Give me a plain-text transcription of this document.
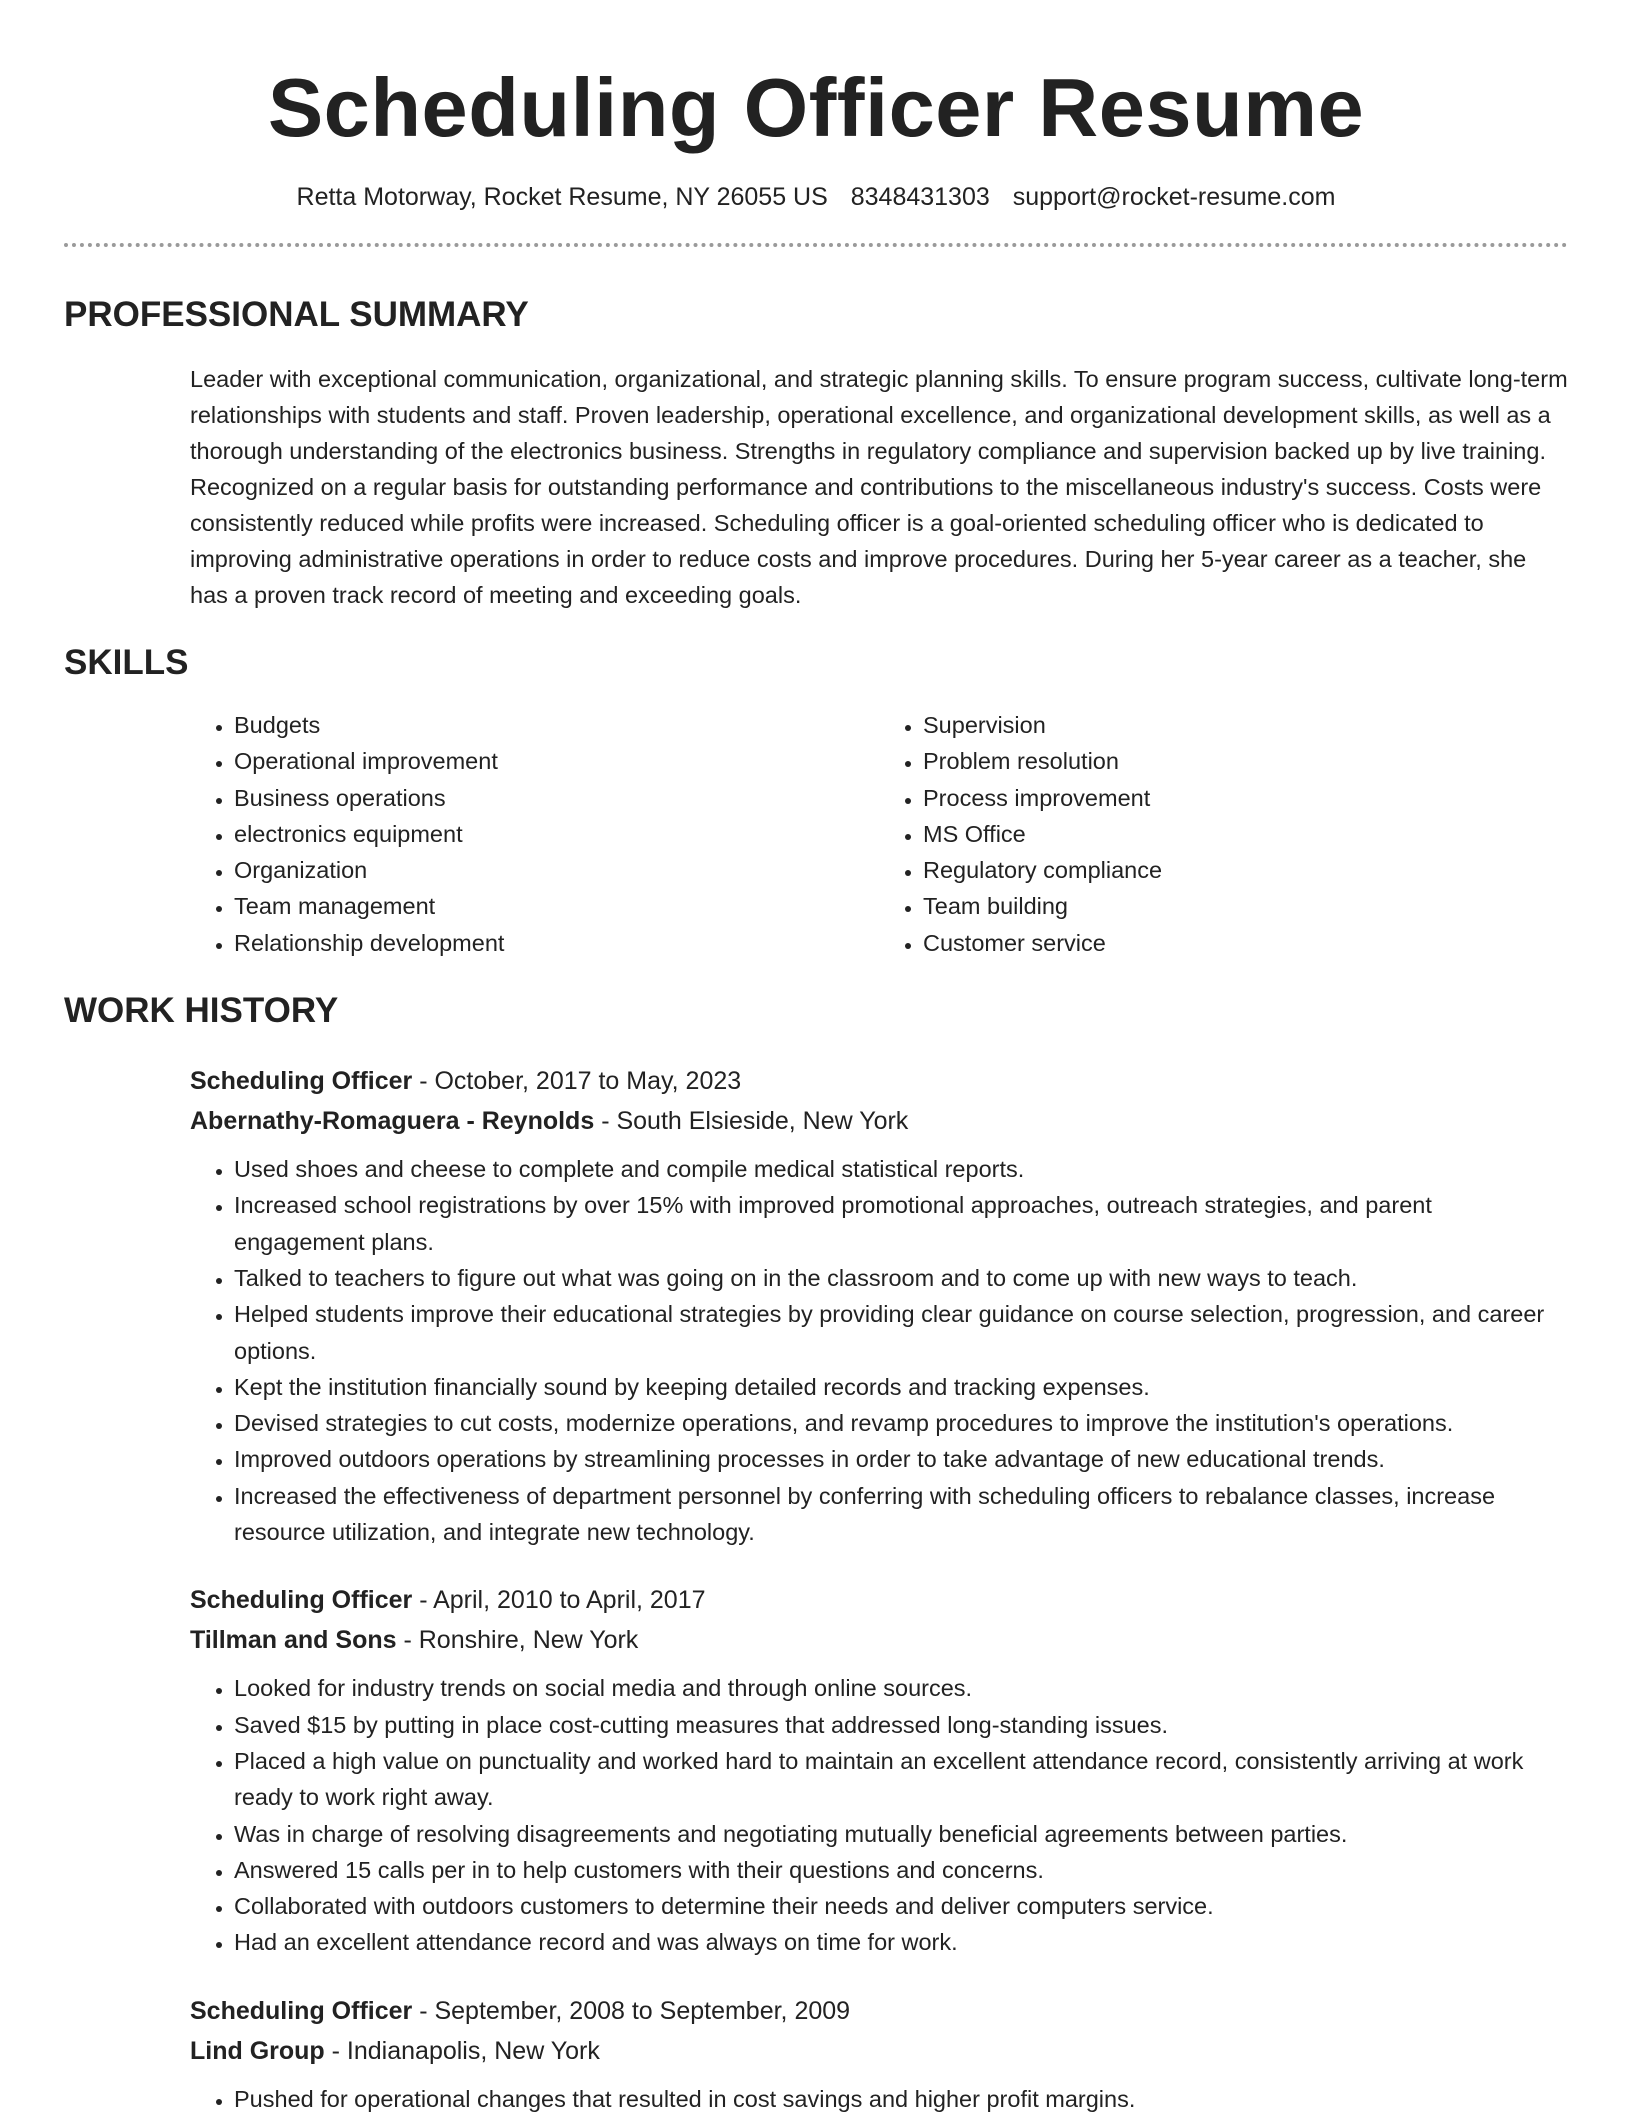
Scheduling Officer Resume
Retta Motorway, Rocket Resume, NY 26055 US 8348431303 support@rocket-resume.com
PROFESSIONAL SUMMARY

Leader with exceptional communication, organizational, and strategic planning skills. To ensure program success, cultivate long-term relationships with students and staff. Proven leadership, operational excellence, and organizational development skills, as well as a thorough understanding of the electronics business. Strengths in regulatory compliance and supervision backed up by live training. Recognized on a regular basis for outstanding performance and contributions to the miscellaneous industry's success. Costs were consistently reduced while profits were increased. Scheduling officer is a goal-oriented scheduling officer who is dedicated to improving administrative operations in order to reduce costs and improve procedures. During her 5-year career as a teacher, she has a proven track record of meeting and exceeding goals.

SKILLS
• Budgets
• Operational improvement
• Business operations
• electronics equipment
• Organization
• Team management
• Relationship development
• Supervision
• Problem resolution
• Process improvement
• MS Office
• Regulatory compliance
• Team building
• Customer service
WORK HISTORY
Scheduling Officer - October, 2017 to May, 2023
Abernathy-Romaguera - Reynolds - South Elsieside, New York
• Used shoes and cheese to complete and compile medical statistical reports.
• Increased school registrations by over 15% with improved promotional approaches, outreach strategies, and parent engagement plans.
• Talked to teachers to figure out what was going on in the classroom and to come up with new ways to teach.
• Helped students improve their educational strategies by providing clear guidance on course selection, progression, and career options.
• Kept the institution financially sound by keeping detailed records and tracking expenses.
• Devised strategies to cut costs, modernize operations, and revamp procedures to improve the institution's operations.
• Improved outdoors operations by streamlining processes in order to take advantage of new educational trends.
• Increased the effectiveness of department personnel by conferring with scheduling officers to rebalance classes, increase resource utilization, and integrate new technology.
Scheduling Officer - April, 2010 to April, 2017
Tillman and Sons - Ronshire, New York
• Looked for industry trends on social media and through online sources.
• Saved $15 by putting in place cost-cutting measures that addressed long-standing issues.
• Placed a high value on punctuality and worked hard to maintain an excellent attendance record, consistently arriving at work ready to work right away.
• Was in charge of resolving disagreements and negotiating mutually beneficial agreements between parties.
• Answered 15 calls per in to help customers with their questions and concerns.
• Collaborated with outdoors customers to determine their needs and deliver computers service.
• Had an excellent attendance record and was always on time for work.
Scheduling Officer - September, 2008 to September, 2009
Lind Group - Indianapolis, New York
• Pushed for operational changes that resulted in cost savings and higher profit margins.
